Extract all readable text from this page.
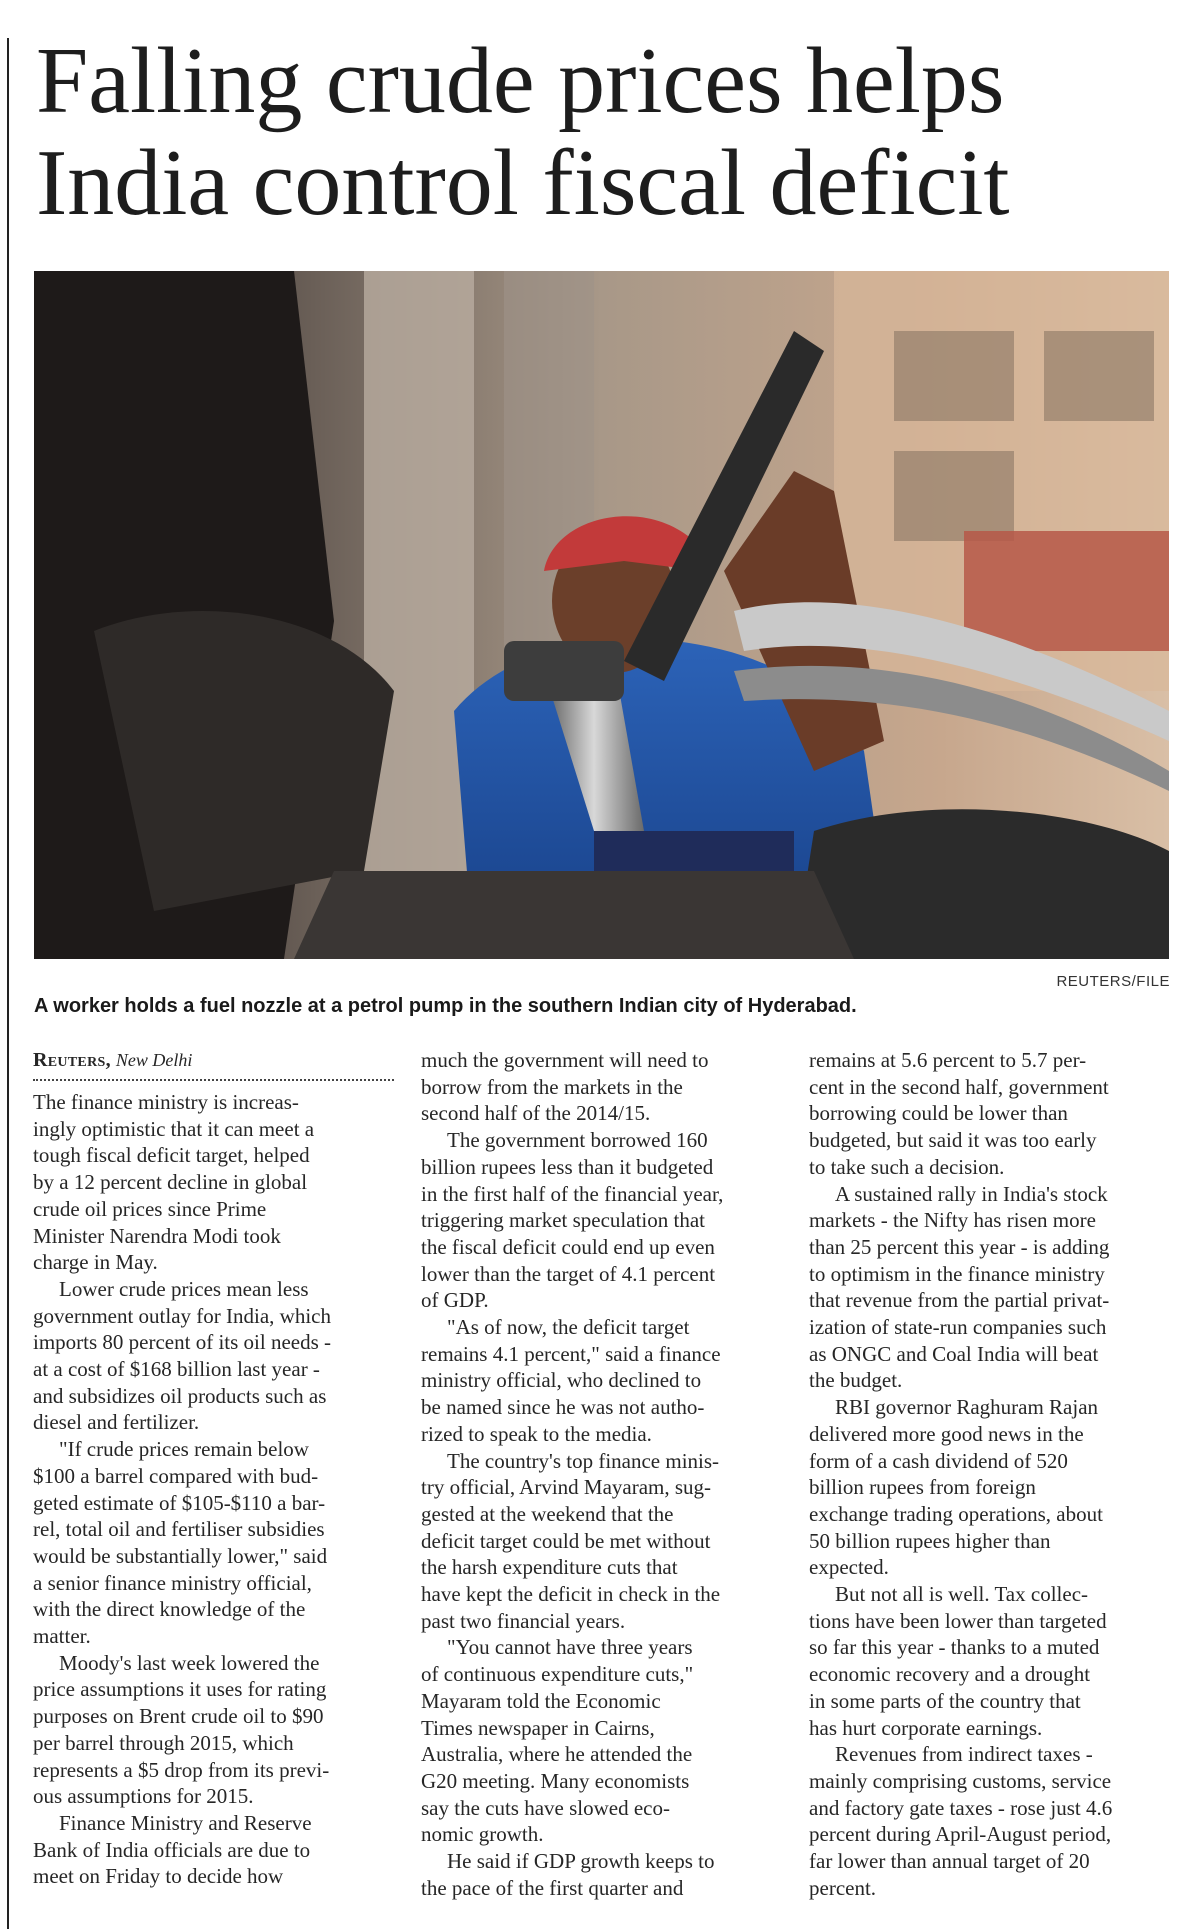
Falling crude prices helps
India control fiscal deficit
REUTERS/FILE
A worker holds a fuel nozzle at a petrol pump in the southern Indian city of Hyderabad.
Reuters, New Delhi

The finance ministry is increas-
ingly optimistic that it can meet a
tough fiscal deficit target, helped
by a 12 percent decline in global
crude oil prices since Prime
Minister Narendra Modi took
charge in May.

Lower crude prices mean less
government outlay for India, which
imports 80 percent of its oil needs -
at a cost of $168 billion last year -
and subsidizes oil products such as
diesel and fertilizer.

"If crude prices remain below
$100 a barrel compared with bud-
geted estimate of $105-$110 a bar-
rel, total oil and fertiliser subsidies
would be substantially lower," said
a senior finance ministry official,
with the direct knowledge of the
matter.

Moody's last week lowered the
price assumptions it uses for rating
purposes on Brent crude oil to $90
per barrel through 2015, which
represents a $5 drop from its previ-
ous assumptions for 2015.

Finance Ministry and Reserve
Bank of India officials are due to
meet on Friday to decide how

much the government will need to
borrow from the markets in the
second half of the 2014/15.

The government borrowed 160
billion rupees less than it budgeted
in the first half of the financial year,
triggering market speculation that
the fiscal deficit could end up even
lower than the target of 4.1 percent
of GDP.

"As of now, the deficit target
remains 4.1 percent," said a finance
ministry official, who declined to
be named since he was not autho-
rized to speak to the media.

The country's top finance minis-
try official, Arvind Mayaram, sug-
gested at the weekend that the
deficit target could be met without
the harsh expenditure cuts that
have kept the deficit in check in the
past two financial years.

"You cannot have three years
of continuous expenditure cuts,"
Mayaram told the Economic
Times newspaper in Cairns,
Australia, where he attended the
G20 meeting. Many economists
say the cuts have slowed eco-
nomic growth.

He said if GDP growth keeps to
the pace of the first quarter and

remains at 5.6 percent to 5.7 per-
cent in the second half, government
borrowing could be lower than
budgeted, but said it was too early
to take such a decision.

A sustained rally in India's stock
markets - the Nifty has risen more
than 25 percent this year - is adding
to optimism in the finance ministry
that revenue from the partial privat-
ization of state-run companies such
as ONGC and Coal India will beat
the budget.

RBI governor Raghuram Rajan
delivered more good news in the
form of a cash dividend of 520
billion rupees from foreign
exchange trading operations, about
50 billion rupees higher than
expected.

But not all is well. Tax collec-
tions have been lower than targeted
so far this year - thanks to a muted
economic recovery and a drought
in some parts of the country that
has hurt corporate earnings.

Revenues from indirect taxes -
mainly comprising customs, service
and factory gate taxes - rose just 4.6
percent during April-August period,
far lower than annual target of 20
percent.
